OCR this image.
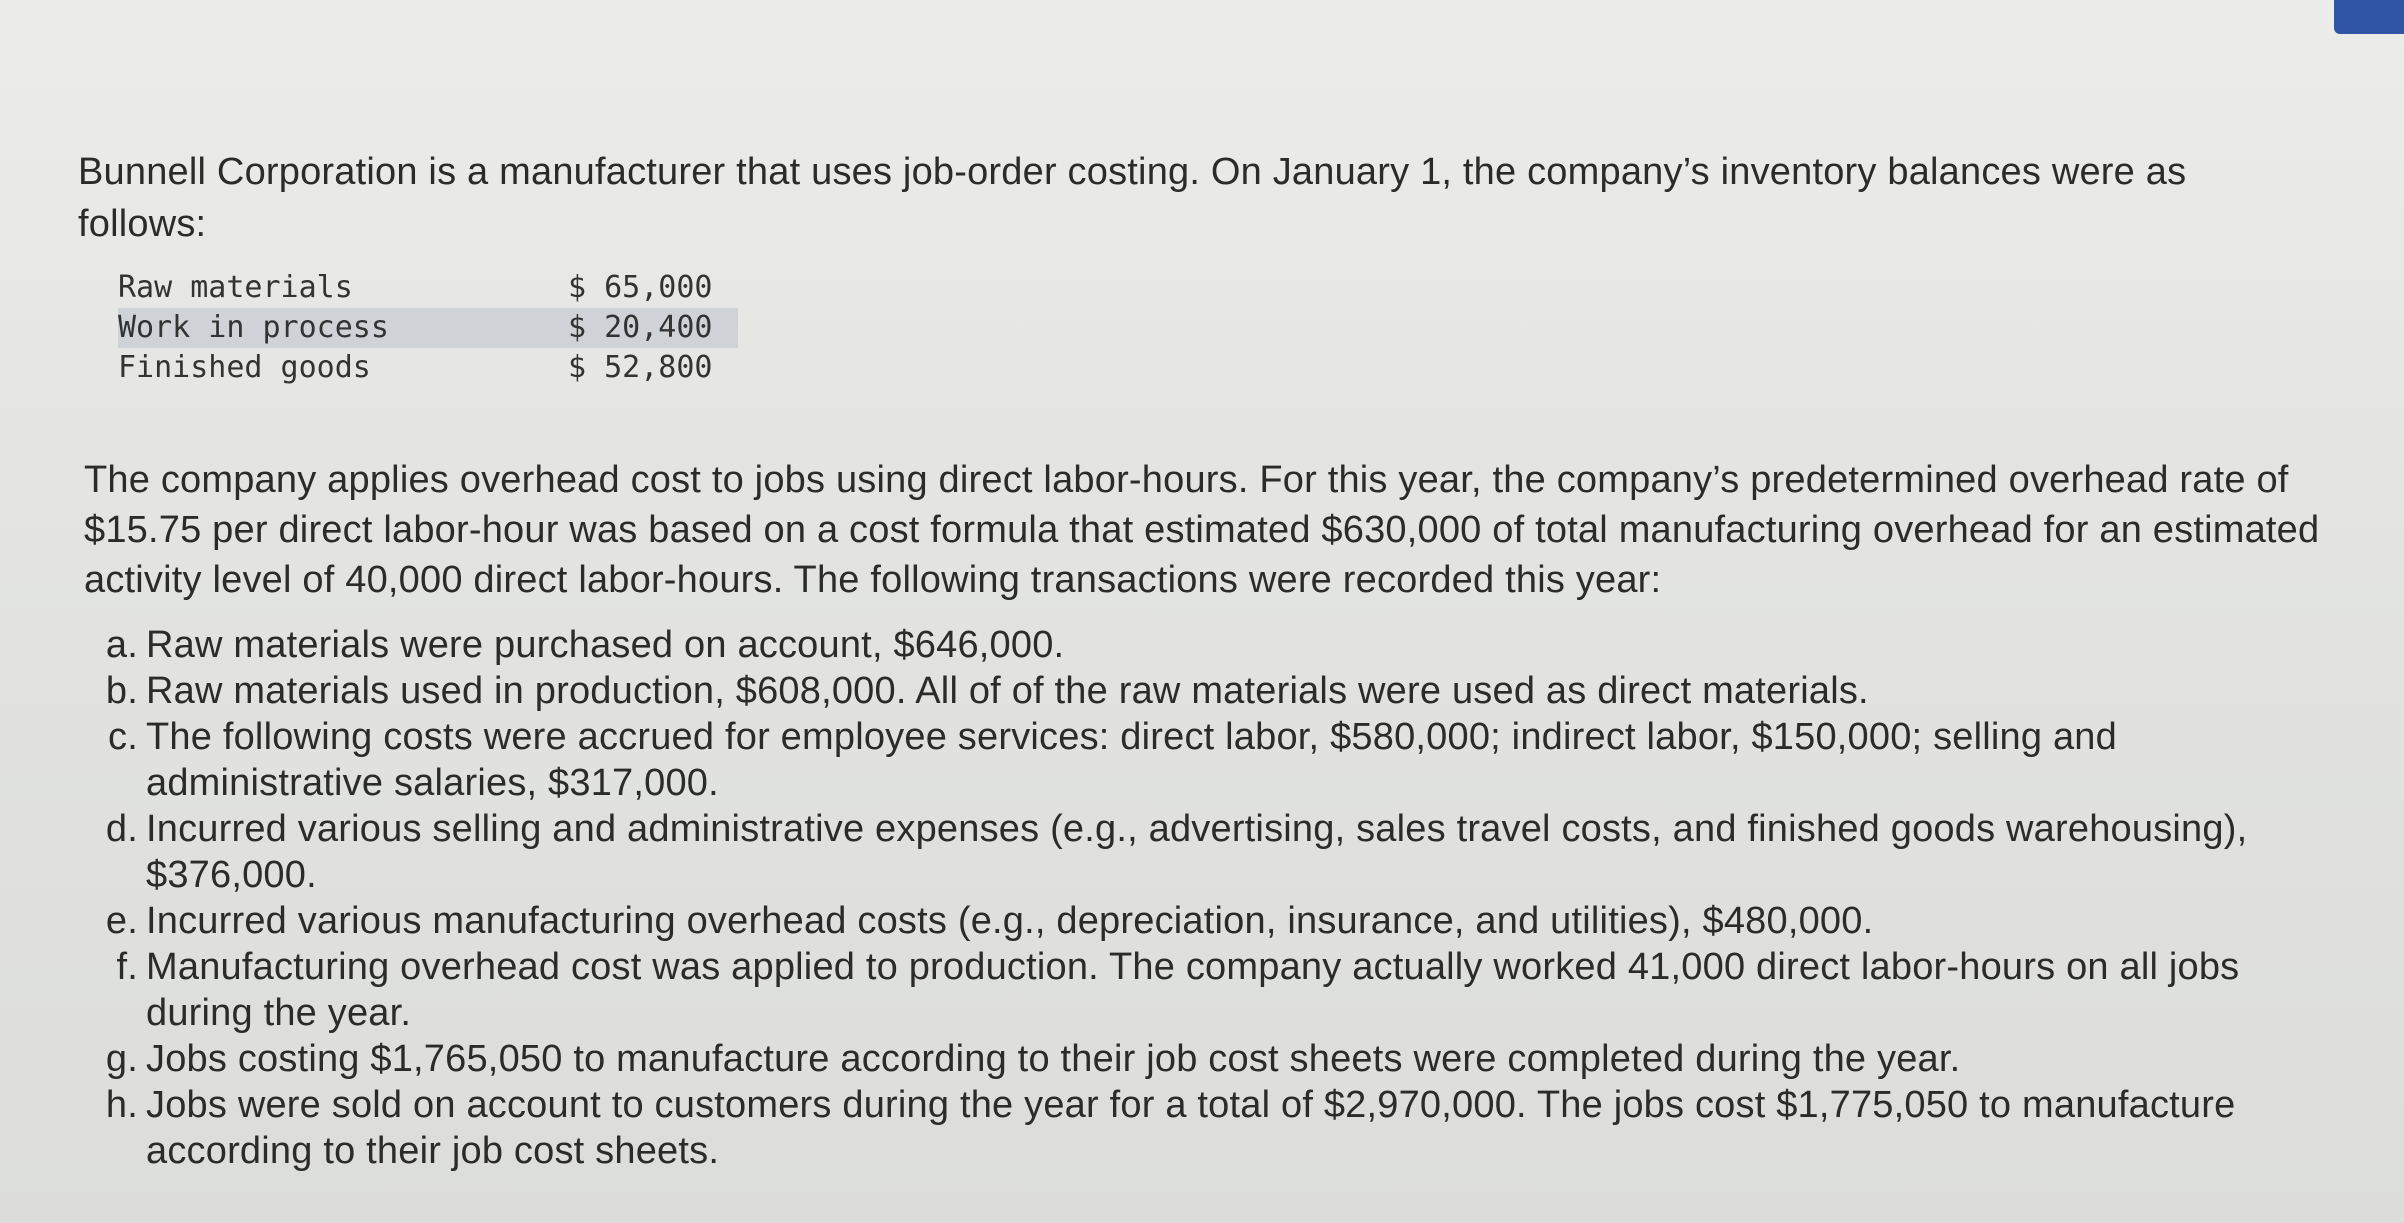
Bunnell Corporation is a manufacturer that uses job-order costing. On January 1, the company’s inventory balances were as follows:

Raw materials	$ 65,000
Work in process	$ 20,400
Finished goods	$ 52,800

The company applies overhead cost to jobs using direct labor-hours. For this year, the company’s predetermined overhead rate of $15.75 per direct labor-hour was based on a cost formula that estimated $630,000 of total manufacturing overhead for an estimated activity level of 40,000 direct labor-hours. The following transactions were recorded this year:

a. Raw materials were purchased on account, $646,000.
b. Raw materials used in production, $608,000. All of of the raw materials were used as direct materials.
c. The following costs were accrued for employee services: direct labor, $580,000; indirect labor, $150,000; selling and administrative salaries, $317,000.
d. Incurred various selling and administrative expenses (e.g., advertising, sales travel costs, and finished goods warehousing), $376,000.
e. Incurred various manufacturing overhead costs (e.g., depreciation, insurance, and utilities), $480,000.
f. Manufacturing overhead cost was applied to production. The company actually worked 41,000 direct labor-hours on all jobs during the year.
g. Jobs costing $1,765,050 to manufacture according to their job cost sheets were completed during the year.
h. Jobs were sold on account to customers during the year for a total of $2,970,000. The jobs cost $1,775,050 to manufacture according to their job cost sheets.
